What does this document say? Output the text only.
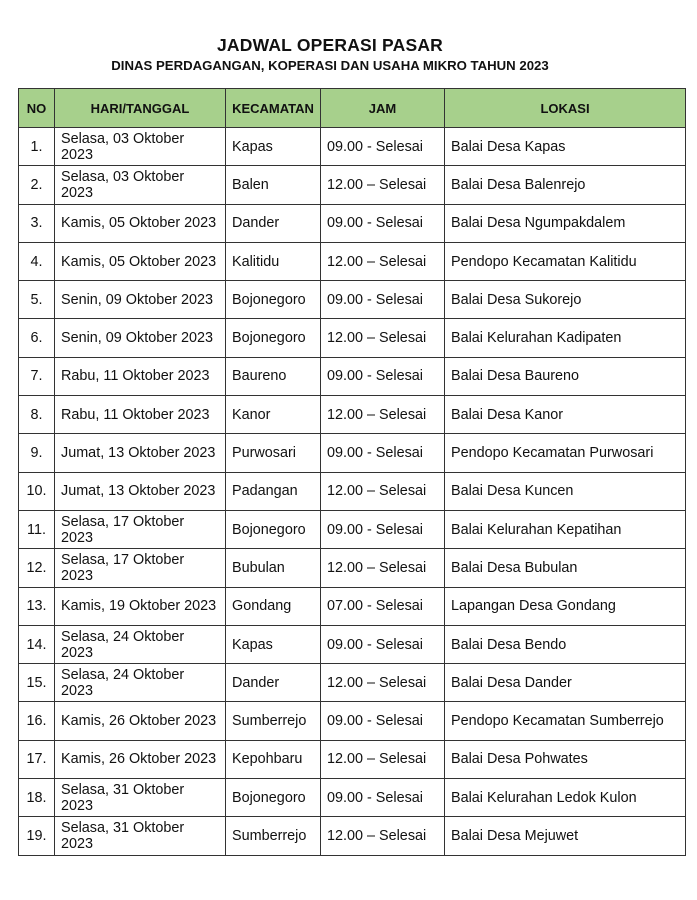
JADWAL OPERASI PASAR
DINAS PERDAGANGAN, KOPERASI DAN USAHA MIKRO TAHUN 2023
NO	HARI/TANGGAL	KECAMATAN	JAM	LOKASI
1.	Selasa, 03 Oktober 2023	Kapas	09.00 - Selesai	Balai Desa Kapas
2.	Selasa, 03 Oktober 2023	Balen	12.00 – Selesai	Balai Desa Balenrejo
3.	Kamis, 05 Oktober 2023	Dander	09.00 - Selesai	Balai Desa Ngumpakdalem
4.	Kamis, 05 Oktober 2023	Kalitidu	12.00 – Selesai	Pendopo Kecamatan Kalitidu
5.	Senin, 09 Oktober 2023	Bojonegoro	09.00 - Selesai	Balai Desa Sukorejo
6.	Senin, 09 Oktober 2023	Bojonegoro	12.00 – Selesai	Balai Kelurahan Kadipaten
7.	Rabu, 11 Oktober 2023	Baureno	09.00 - Selesai	Balai Desa Baureno
8.	Rabu, 11 Oktober 2023	Kanor	12.00 – Selesai	Balai Desa Kanor
9.	Jumat, 13 Oktober 2023	Purwosari	09.00 - Selesai	Pendopo Kecamatan Purwosari
10.	Jumat, 13 Oktober 2023	Padangan	12.00 – Selesai	Balai Desa Kuncen
11.	Selasa, 17 Oktober 2023	Bojonegoro	09.00 - Selesai	Balai Kelurahan Kepatihan
12.	Selasa, 17 Oktober 2023	Bubulan	12.00 – Selesai	Balai Desa Bubulan
13.	Kamis, 19 Oktober 2023	Gondang	07.00 - Selesai	Lapangan Desa Gondang
14.	Selasa, 24 Oktober 2023	Kapas	09.00 - Selesai	Balai Desa Bendo
15.	Selasa, 24 Oktober 2023	Dander	12.00 – Selesai	Balai Desa Dander
16.	Kamis, 26 Oktober 2023	Sumberrejo	09.00 - Selesai	Pendopo Kecamatan Sumberrejo
17.	Kamis, 26 Oktober 2023	Kepohbaru	12.00 – Selesai	Balai Desa Pohwates
18.	Selasa, 31 Oktober 2023	Bojonegoro	09.00 - Selesai	Balai Kelurahan Ledok Kulon
19.	Selasa, 31 Oktober 2023	Sumberrejo	12.00 – Selesai	Balai Desa Mejuwet
